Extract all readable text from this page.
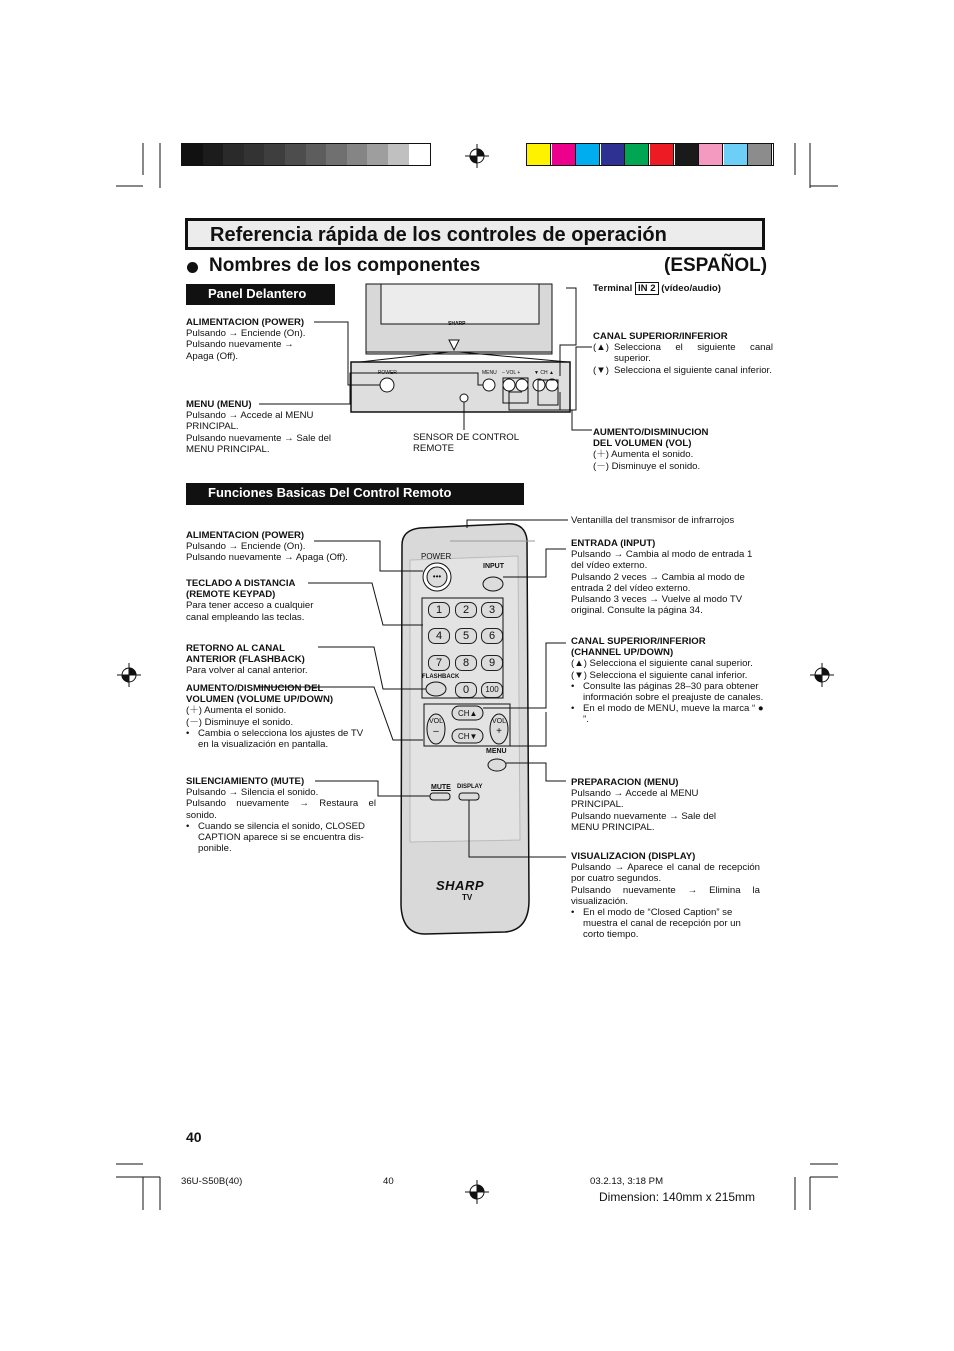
Referencia rápida de los controles de operación
Nombres de los componentes	(ESPAÑOL)
Panel Delantero
Funciones Basicas Del Control Remoto
SHARP
POWER	MENU – VOL +	▼ CH ▲
ALIMENTACION (POWER)
Pulsando → Enciende (On).
Pulsando nuevamente →
Apaga (Off).
MENU (MENU)
Pulsando → Accede al MENU
PRINCIPAL.
Pulsando nuevamente → Sale del
MENU PRINCIPAL.
SENSOR DE CONTROL
REMOTE
Terminal IN 2 (vídeo/audio)
CANAL SUPERIOR/INFERIOR
(▲) Selecciona el siguiente canal superior.
(▼) Selecciona el siguiente canal inferior.
AUMENTO/DISMINUCION
DEL VOLUMEN (VOL)
(＋) Aumenta el sonido.
(－) Disminuye el sonido.
POWER
•••
INPUT
1	2	3
4	5	6
7	8	9
0	100
FLASHBACK
VOL
–
VOL
+
CH▲
CH▼
MENU
MUTE DISPLAY
SHARP
TV
ALIMENTACION (POWER)
Pulsando → Enciende (On).
Pulsando nuevamente → Apaga (Off).
TECLADO A DISTANCIA
(REMOTE KEYPAD)
Para tener acceso a cualquier
canal empleando las teclas.
RETORNO AL CANAL
ANTERIOR (FLASHBACK)
Para volver al canal anterior.
AUMENTO/DISMINUCION DEL
VOLUMEN (VOLUME UP/DOWN)
(＋) Aumenta el sonido.
(－) Disminuye el sonido.
• Cambia o selecciona los ajustes de TV en la visualización en pantalla.
SILENCIAMIENTO (MUTE)
Pulsando → Silencia el sonido.
Pulsando nuevamente → Restaura el sonido.
• Cuando se silencia el sonido, CLOSED CAPTION aparece si se encuentra dis-ponible.
Ventanilla del transmisor de infrarrojos
ENTRADA (INPUT)
Pulsando → Cambia al modo de entrada 1 del vídeo externo.
Pulsando 2 veces → Cambia al modo de entrada 2 del vídeo externo.
Pulsando 3 veces → Vuelve al modo TV original. Consulte la página 34.
CANAL SUPERIOR/INFERIOR
(CHANNEL UP/DOWN)
(▲) Selecciona el siguiente canal superior.
(▼) Selecciona el siguiente canal inferior.
• Consulte las páginas 28–30 para obtener información sobre el preajuste de canales.
• En el modo de MENU, mueve la marca “ ● ”.
PREPARACION (MENU)
Pulsando → Accede al MENU
PRINCIPAL.
Pulsando nuevamente → Sale del
MENU PRINCIPAL.
VISUALIZACION (DISPLAY)
Pulsando → Aparece el canal de recepción por cuatro segundos.
Pulsando nuevamente → Elimina la visualización.
• En el modo de “Closed Caption” se muestra el canal de recepción por un corto tiempo.
40
36U-S50B(40)	40	03.2.13, 3:18 PM
Dimension: 140mm x 215mm
